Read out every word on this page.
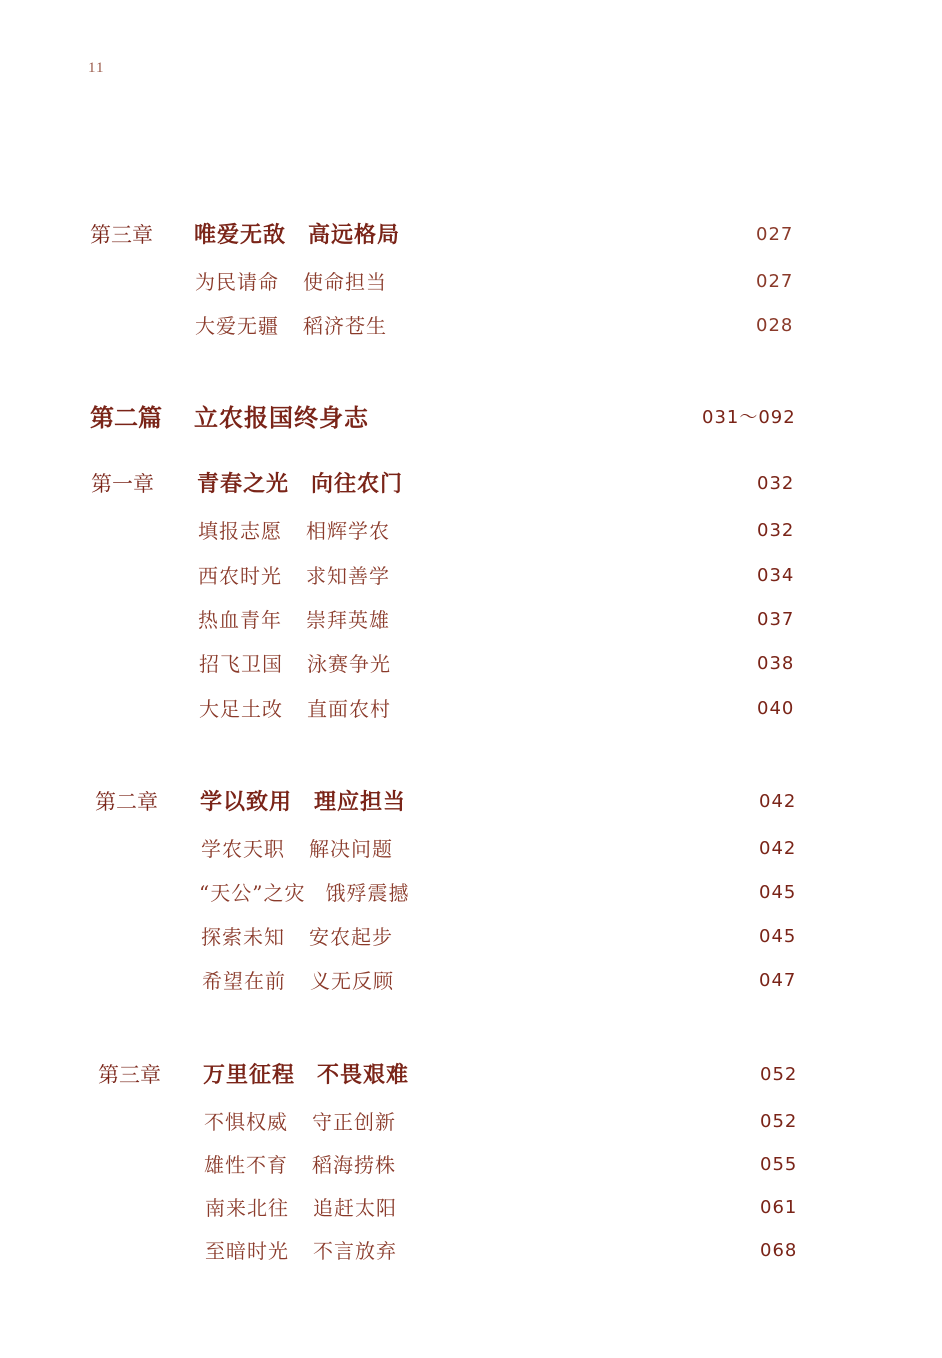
11
第三章 唯爱无敌 高远格局	027
为民请命 使命担当	027
大爱无疆 稻济苍生	028
第二篇 立农报国终身志	031～092
第一章 青春之光 向往农门	032
填报志愿 相辉学农	032
西农时光 求知善学	034
热血青年 崇拜英雄	037
招飞卫国 泳赛争光	038
大足土改 直面农村	040
第二章 学以致用 理应担当	042
学农天职 解决问题	042
“天公”之灾 饿殍震撼	045
探索未知 安农起步	045
希望在前 义无反顾	047
第三章 万里征程 不畏艰难	052
不惧权威 守正创新	052
雄性不育 稻海捞株	055
南来北往 追赶太阳	061
至暗时光 不言放弃	068
